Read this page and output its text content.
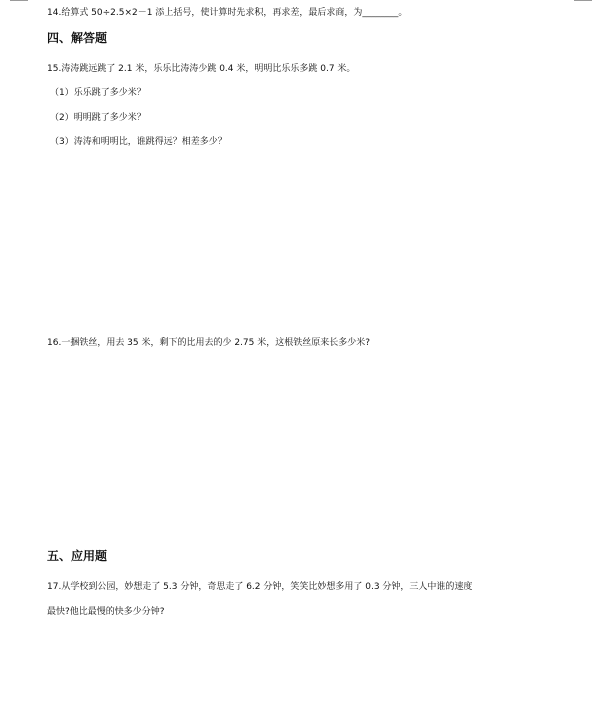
14.给算式 50÷2.5×2－1 添上括号，使计算时先求积，再求差，最后求商，为________。
四、解答题
15.涛涛跳远跳了 2.1 米，乐乐比涛涛少跳 0.4 米，明明比乐乐多跳 0.7 米。
（1）乐乐跳了多少米？
（2）明明跳了多少米？
（3）涛涛和明明比，谁跳得远？相差多少？
16.一捆铁丝，用去 35 米，剩下的比用去的少 2.75 米，这根铁丝原来长多少米?
五、应用题
17.从学校到公园，妙想走了 5.3 分钟，奇思走了 6.2 分钟，笑笑比妙想多用了 0.3 分钟，三人中谁的速度
最快?他比最慢的快多少分钟?
